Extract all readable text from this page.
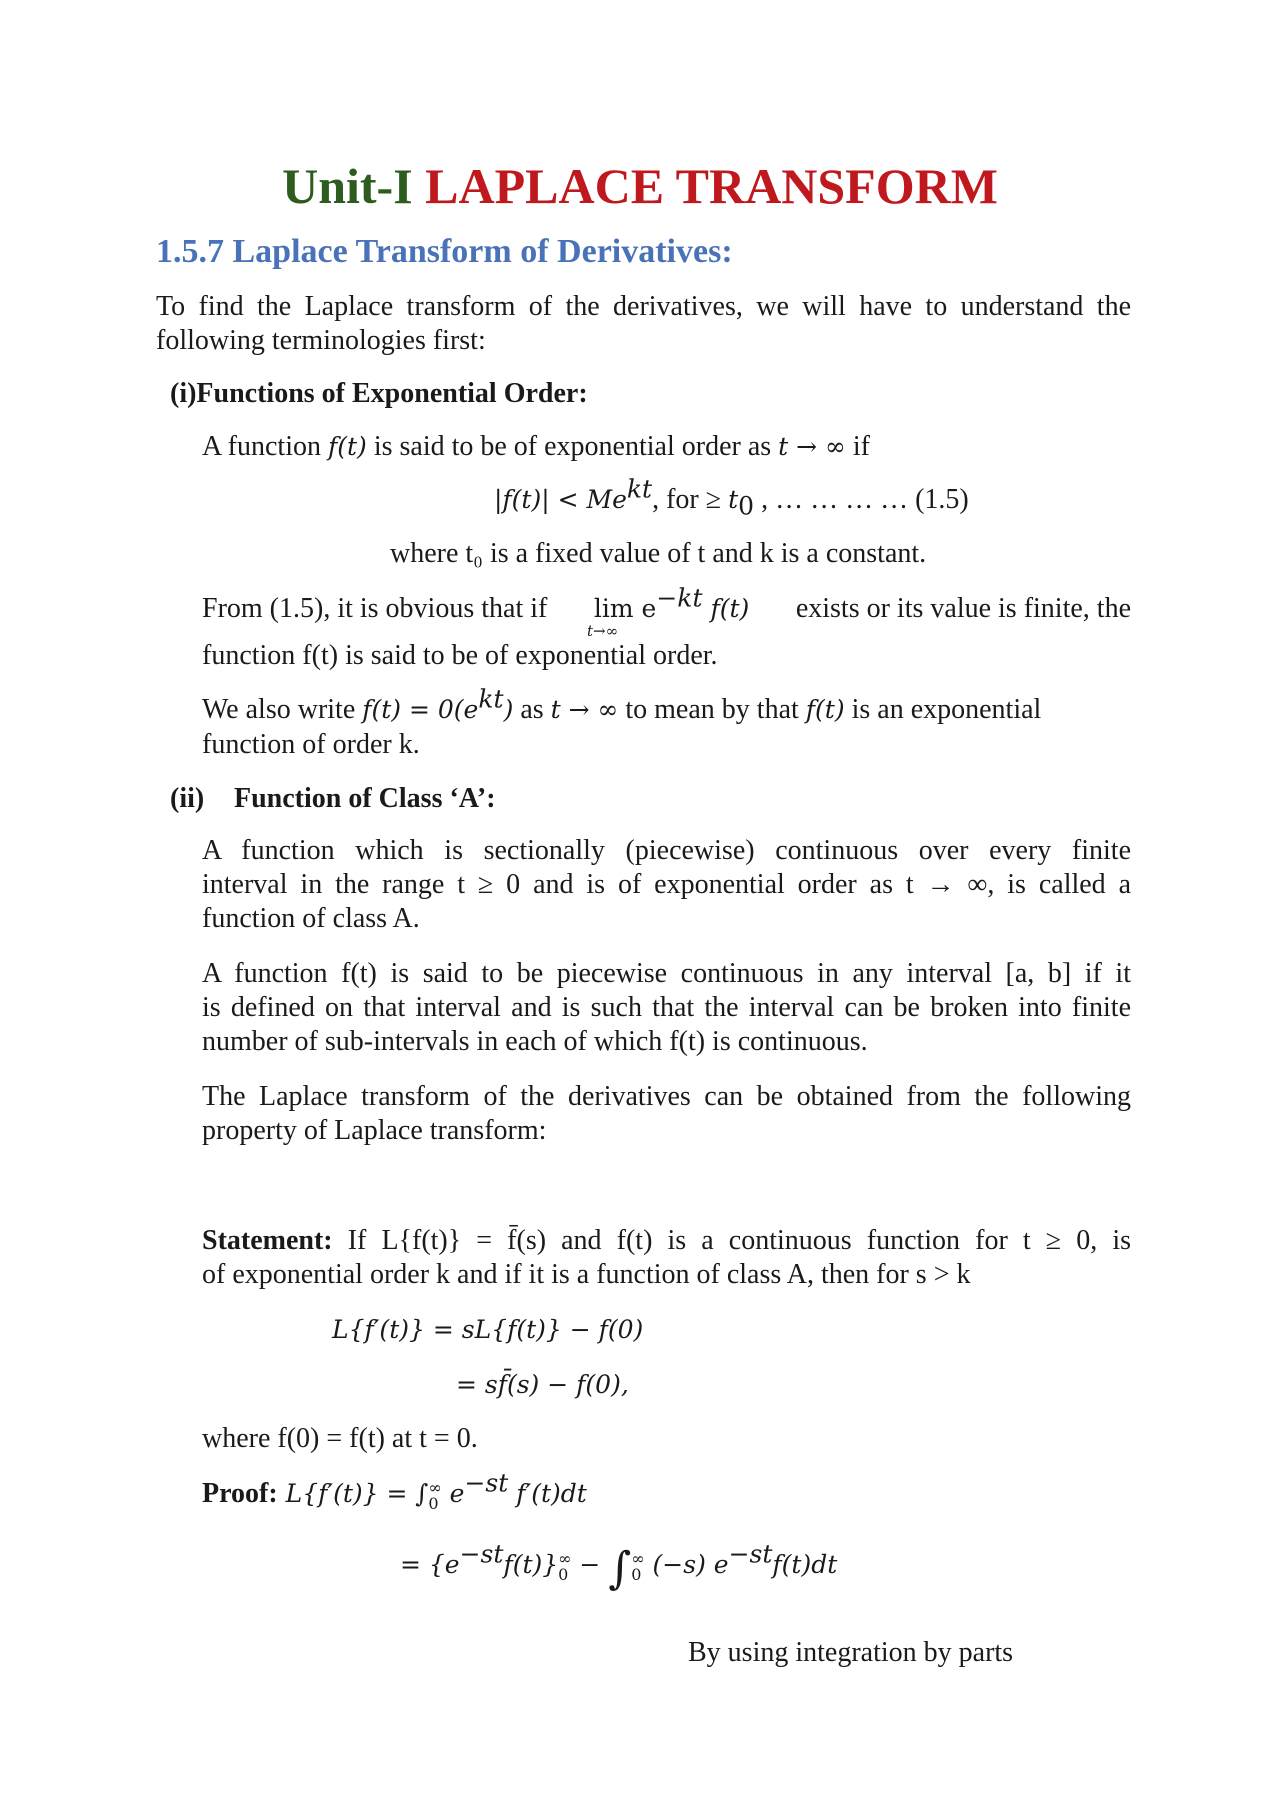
Unit-I LAPLACE TRANSFORM
1.5.7 Laplace Transform of Derivatives:
To find the Laplace transform of the derivatives, we will have to understand the
following terminologies first:
(i)Functions of Exponential Order:
A function f(t) is said to be of exponential order as t → ∞ if
$|f(t)| < Me^{kt}$, for ≥ $t_0$ , … … … … (1.5)
where t₀ is a fixed value of t and k is a constant.
From (1.5), it is obvious that if $\lim e^{-kt}$ f(t) exists or its value is finite, the
t→∞
function f(t) is said to be of exponential order.
We also write $f(t) = 0(e^{kt})$ as t → ∞ to mean by that f(t) is an exponential
function of order k.
(ii) Function of Class ‘A’:
A function which is sectionally (piecewise) continuous over every finite
interval in the range t ≥ 0 and is of exponential order as t → ∞, is called a
function of class A.
A function f(t) is said to be piecewise continuous in any interval [a, b] if it
is defined on that interval and is such that the interval can be broken into finite
number of sub-intervals in each of which f(t) is continuous.
The Laplace transform of the derivatives can be obtained from the following
property of Laplace transform:
Statement: If L{f(t)} = f̄(s) and f(t) is a continuous function for t ≥ 0, is
of exponential order k and if it is a function of class A, then for s > k
L{f′(t)} = sL{f(t)} − f(0)
= sf̄(s) − f(0),
where f(0) = f(t) at t = 0.
Proof: L{f′(t)} = ∫ ∞
0 $e^{-st}$ f′(t)dt
= $\{e^{-st}f(t)\}$ ∞
0 − ∫ ∞
0 (−s) $e^{-st}f(t)dt$
By using integration by parts
